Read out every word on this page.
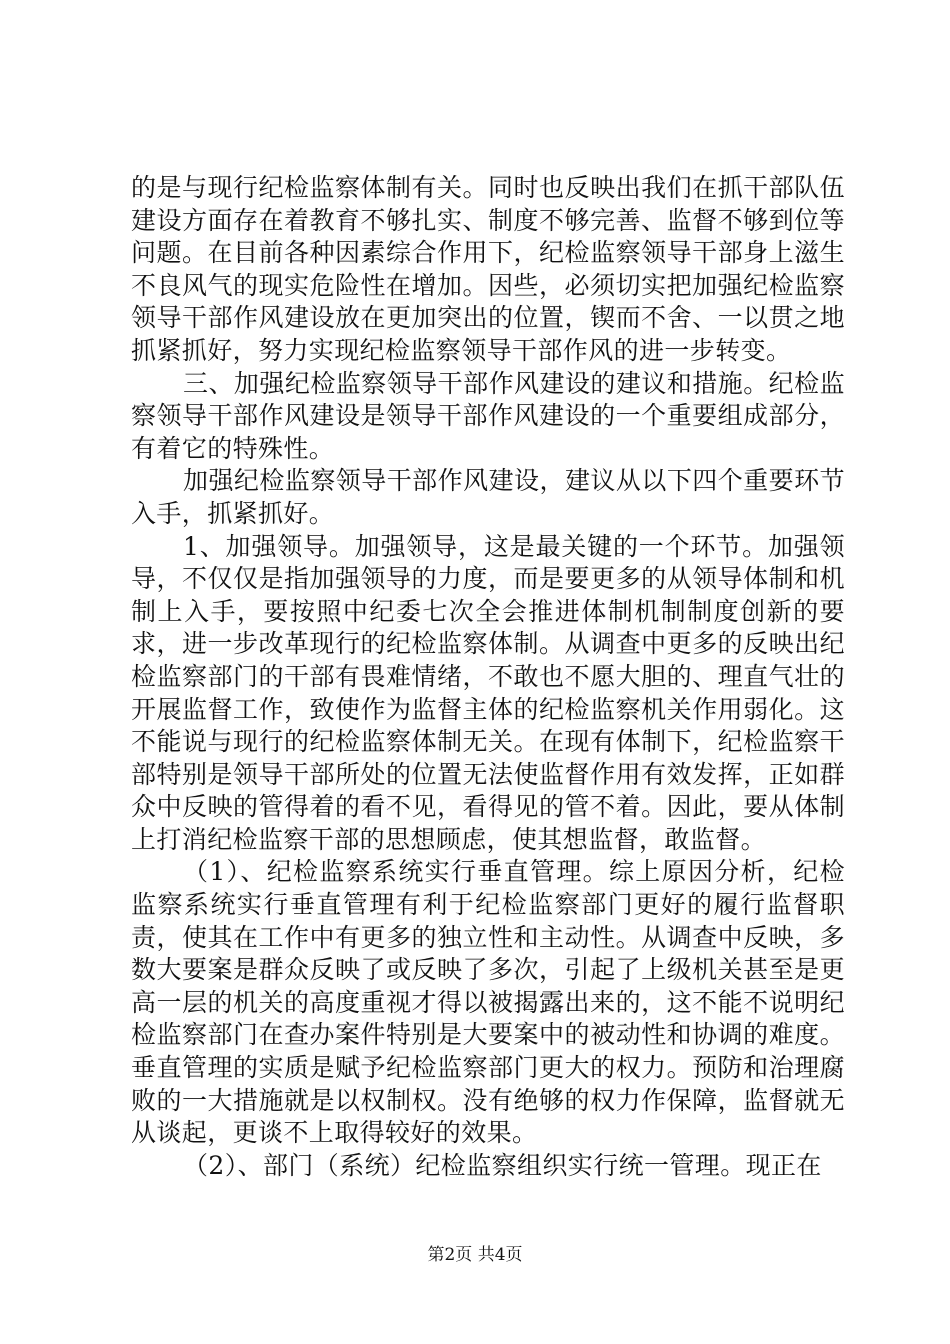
的是与现行纪检监察体制有关。同时也反映出我们在抓干部队伍建设方面存在着教育不够扎实、制度不够完善、监督不够到位等问题。在目前各种因素综合作用下，纪检监察领导干部身上滋生不良风气的现实危险性在增加。因些，必须切实把加强纪检监察领导干部作风建设放在更加突出的位置，锲而不舍、一以贯之地抓紧抓好，努力实现纪检监察领导干部作风的进一步转变。

三、加强纪检监察领导干部作风建设的建议和措施。纪检监察领导干部作风建设是领导干部作风建设的一个重要组成部分，有着它的特殊性。

加强纪检监察领导干部作风建设，建议从以下四个重要环节入手，抓紧抓好。

1、加强领导。加强领导，这是最关键的一个环节。加强领导，不仅仅是指加强领导的力度，而是要更多的从领导体制和机制上入手，要按照中纪委七次全会推进体制机制制度创新的要求，进一步改革现行的纪检监察体制。从调查中更多的反映出纪检监察部门的干部有畏难情绪，不敢也不愿大胆的、理直气壮的开展监督工作，致使作为监督主体的纪检监察机关作用弱化。这不能说与现行的纪检监察体制无关。在现有体制下，纪检监察干部特别是领导干部所处的位置无法使监督作用有效发挥，正如群众中反映的管得着的看不见，看得见的管不着。因此，要从体制上打消纪检监察干部的思想顾虑，使其想监督，敢监督。

（1）、纪检监察系统实行垂直管理。综上原因分析，纪检监察系统实行垂直管理有利于纪检监察部门更好的履行监督职责，使其在工作中有更多的独立性和主动性。从调查中反映，多数大要案是群众反映了或反映了多次，引起了上级机关甚至是更高一层的机关的高度重视才得以被揭露出来的，这不能不说明纪检监察部门在查办案件特别是大要案中的被动性和协调的难度。垂直管理的实质是赋予纪检监察部门更大的权力。预防和治理腐败的一大措施就是以权制权。没有绝够的权力作保障，监督就无从谈起，更谈不上取得较好的效果。

（2）、部门（系统）纪检监察组织实行统一管理。现正在

第2页 共4页
